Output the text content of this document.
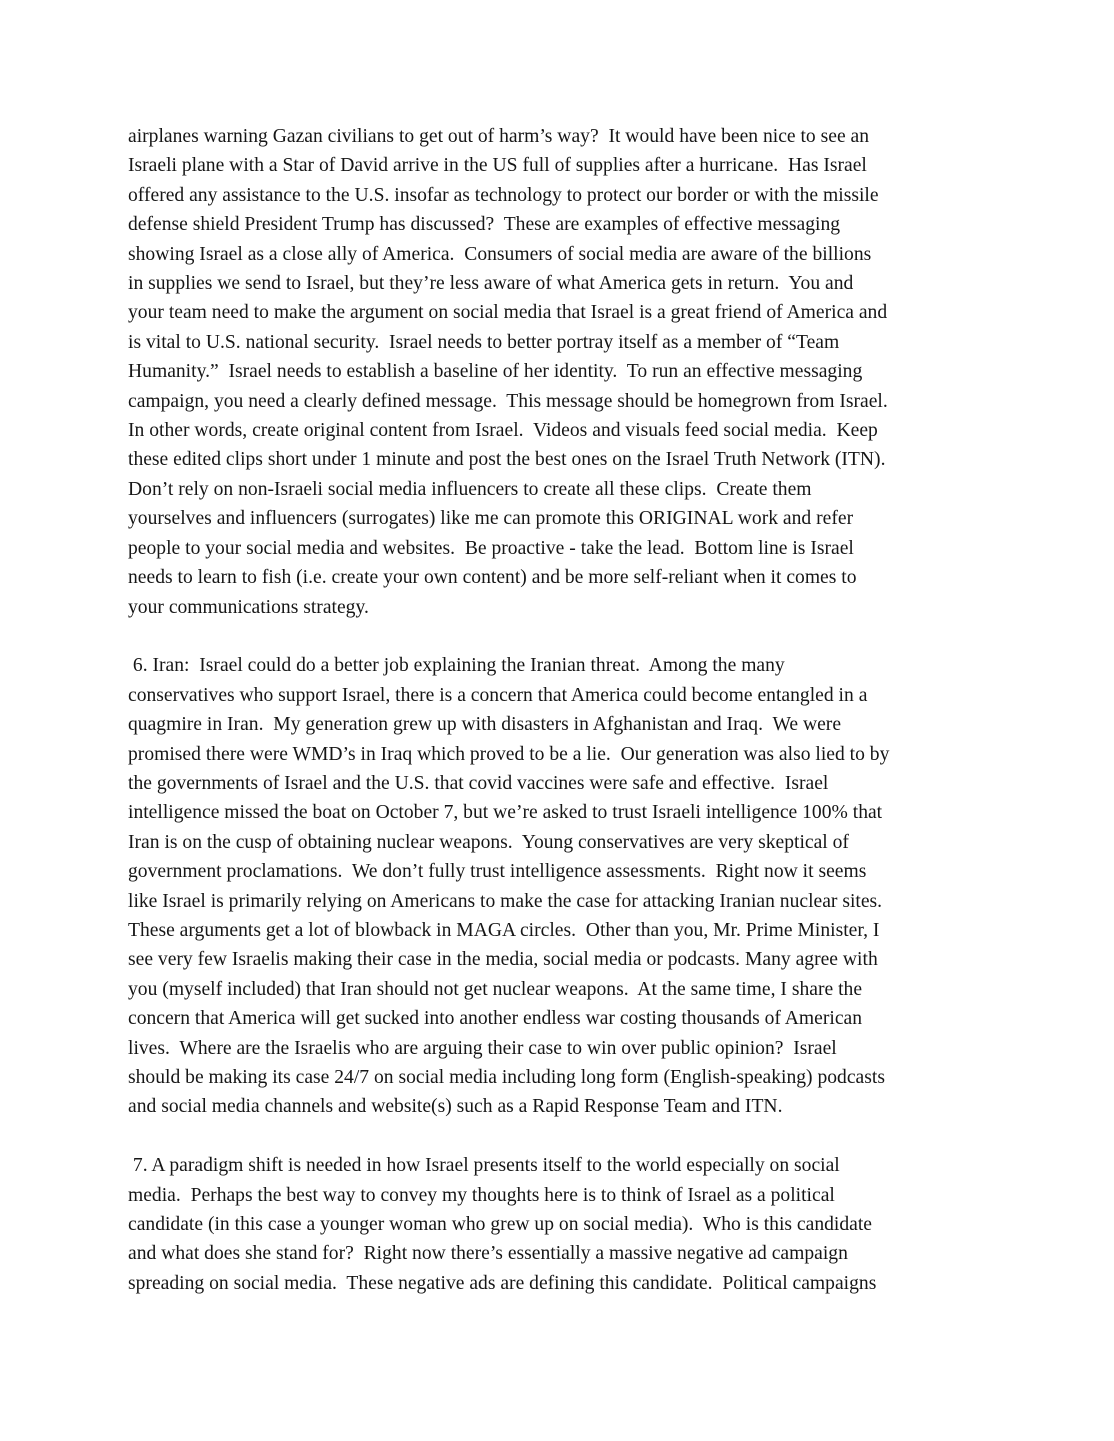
airplanes warning Gazan civilians to get out of harm’s way?  It would have been nice to see an
Israeli plane with a Star of David arrive in the US full of supplies after a hurricane.  Has Israel
offered any assistance to the U.S. insofar as technology to protect our border or with the missile
defense shield President Trump has discussed?  These are examples of effective messaging
showing Israel as a close ally of America.  Consumers of social media are aware of the billions
in supplies we send to Israel, but they’re less aware of what America gets in return.  You and
your team need to make the argument on social media that Israel is a great friend of America and
is vital to U.S. national security.  Israel needs to better portray itself as a member of “Team
Humanity.”  Israel needs to establish a baseline of her identity.  To run an effective messaging
campaign, you need a clearly defined message.  This message should be homegrown from Israel.
In other words, create original content from Israel.  Videos and visuals feed social media.  Keep
these edited clips short under 1 minute and post the best ones on the Israel Truth Network (ITN).
Don’t rely on non-Israeli social media influencers to create all these clips.  Create them
yourselves and influencers (surrogates) like me can promote this ORIGINAL work and refer
people to your social media and websites.  Be proactive - take the lead.  Bottom line is Israel
needs to learn to fish (i.e. create your own content) and be more self-reliant when it comes to
your communications strategy.
6. Iran:  Israel could do a better job explaining the Iranian threat.  Among the many
conservatives who support Israel, there is a concern that America could become entangled in a
quagmire in Iran.  My generation grew up with disasters in Afghanistan and Iraq.  We were
promised there were WMD’s in Iraq which proved to be a lie.  Our generation was also lied to by
the governments of Israel and the U.S. that covid vaccines were safe and effective.  Israel
intelligence missed the boat on October 7, but we’re asked to trust Israeli intelligence 100% that
Iran is on the cusp of obtaining nuclear weapons.  Young conservatives are very skeptical of
government proclamations.  We don’t fully trust intelligence assessments.  Right now it seems
like Israel is primarily relying on Americans to make the case for attacking Iranian nuclear sites.
These arguments get a lot of blowback in MAGA circles.  Other than you, Mr. Prime Minister, I
see very few Israelis making their case in the media, social media or podcasts. Many agree with
you (myself included) that Iran should not get nuclear weapons.  At the same time, I share the
concern that America will get sucked into another endless war costing thousands of American
lives.  Where are the Israelis who are arguing their case to win over public opinion?  Israel
should be making its case 24/7 on social media including long form (English-speaking) podcasts
and social media channels and website(s) such as a Rapid Response Team and ITN.
7. A paradigm shift is needed in how Israel presents itself to the world especially on social
media.  Perhaps the best way to convey my thoughts here is to think of Israel as a political
candidate (in this case a younger woman who grew up on social media).  Who is this candidate
and what does she stand for?  Right now there’s essentially a massive negative ad campaign
spreading on social media.  These negative ads are defining this candidate.  Political campaigns
